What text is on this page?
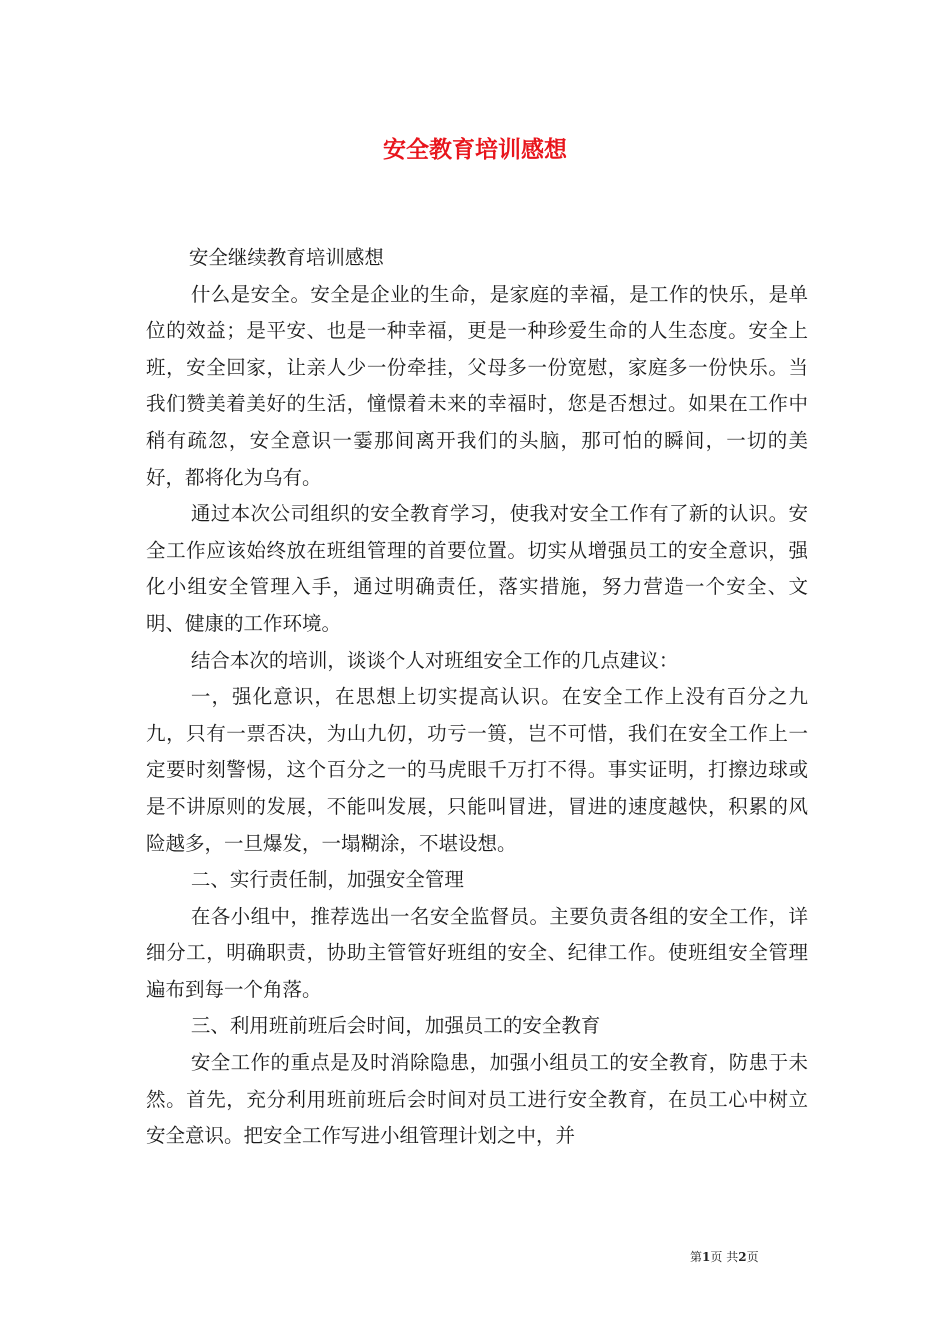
安全教育培训感想

安全继续教育培训感想

什么是安全。安全是企业的生命，是家庭的幸福，是工作的快乐，是单位的效益；是平安、也是一种幸福，更是一种珍爱生命的人生态度。安全上班，安全回家，让亲人少一份牵挂，父母多一份宽慰，家庭多一份快乐。当我们赞美着美好的生活，憧憬着未来的幸福时，您是否想过。如果在工作中稍有疏忽，安全意识一霎那间离开我们的头脑，那可怕的瞬间，一切的美好，都将化为乌有。

通过本次公司组织的安全教育学习，使我对安全工作有了新的认识。安全工作应该始终放在班组管理的首要位置。切实从增强员工的安全意识，强化小组安全管理入手，通过明确责任，落实措施，努力营造一个安全、文明、健康的工作环境。

结合本次的培训，谈谈个人对班组安全工作的几点建议：

一，强化意识，在思想上切实提高认识。在安全工作上没有百分之九九，只有一票否决，为山九仞，功亏一篑，岂不可惜，我们在安全工作上一定要时刻警惕，这个百分之一的马虎眼千万打不得。事实证明，打擦边球或是不讲原则的发展，不能叫发展，只能叫冒进，冒进的速度越快，积累的风险越多，一旦爆发，一塌糊涂，不堪设想。

二、实行责任制，加强安全管理

在各小组中，推荐选出一名安全监督员。主要负责各组的安全工作，详细分工，明确职责，协助主管管好班组的安全、纪律工作。使班组安全管理遍布到每一个角落。

三、利用班前班后会时间，加强员工的安全教育

安全工作的重点是及时消除隐患，加强小组员工的安全教育，防患于未然。首先，充分利用班前班后会时间对员工进行安全教育，在员工心中树立安全意识。把安全工作写进小组管理计划之中，并

第1页 共2页
